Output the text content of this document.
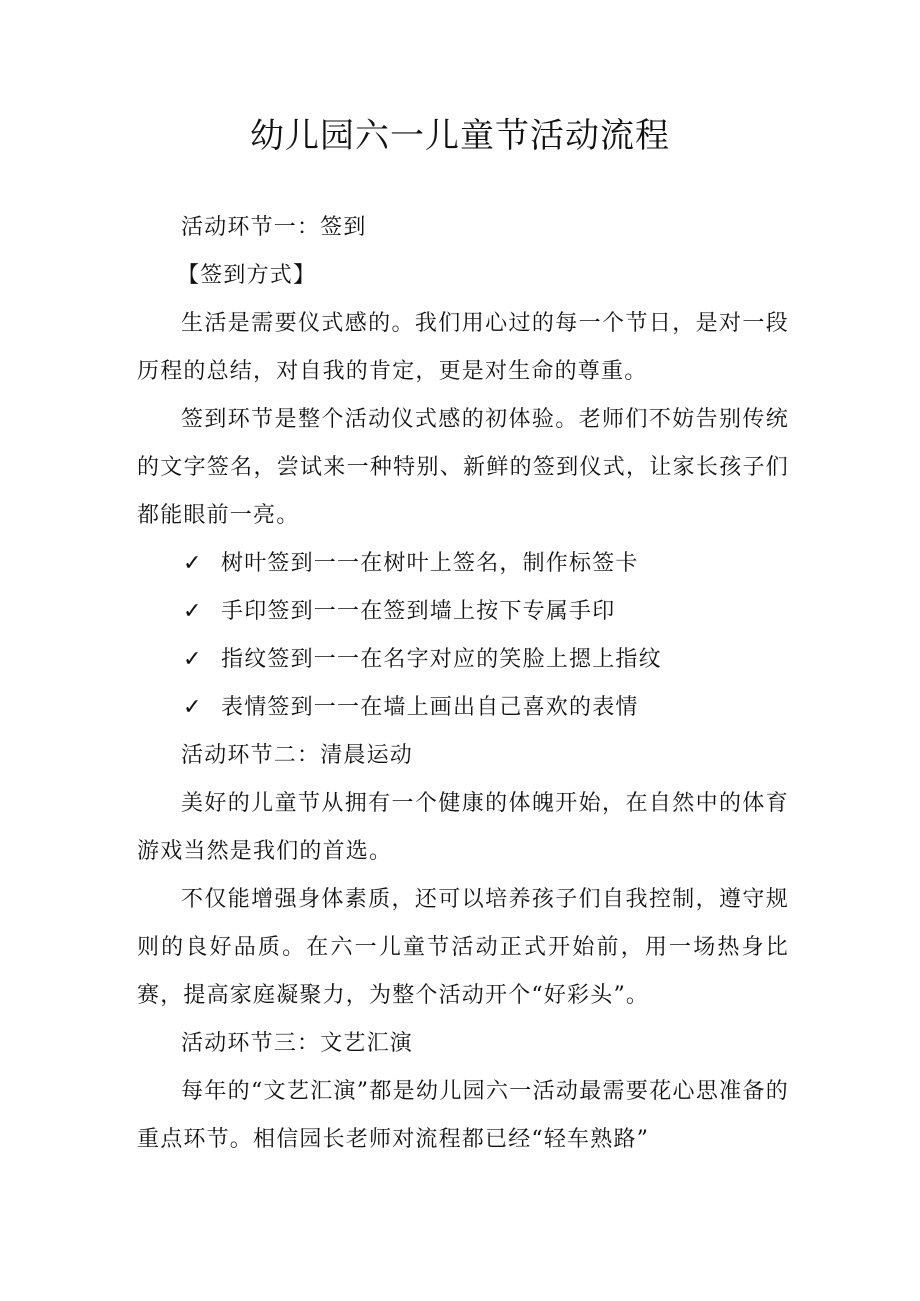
幼儿园六一儿童节活动流程

活动环节一：签到

【签到方式】

生活是需要仪式感的。我们用心过的每一个节日，是对一段历程的总结，对自我的肯定，更是对生命的尊重。

签到环节是整个活动仪式感的初体验。老师们不妨告别传统的文字签名，尝试来一种特别、新鲜的签到仪式，让家长孩子们都能眼前一亮。

✓ 树叶签到一一在树叶上签名，制作标签卡
✓ 手印签到一一在签到墙上按下专属手印
✓ 指纹签到一一在名字对应的笑脸上摁上指纹
✓ 表情签到一一在墙上画出自己喜欢的表情

活动环节二：清晨运动

美好的儿童节从拥有一个健康的体魄开始，在自然中的体育游戏当然是我们的首选。

不仅能增强身体素质，还可以培养孩子们自我控制，遵守规则的良好品质。在六一儿童节活动正式开始前，用一场热身比赛，提高家庭凝聚力，为整个活动开个“好彩头”。

活动环节三：文艺汇演

每年的“文艺汇演”都是幼儿园六一活动最需要花心思准备的重点环节。相信园长老师对流程都已经“轻车熟路”
